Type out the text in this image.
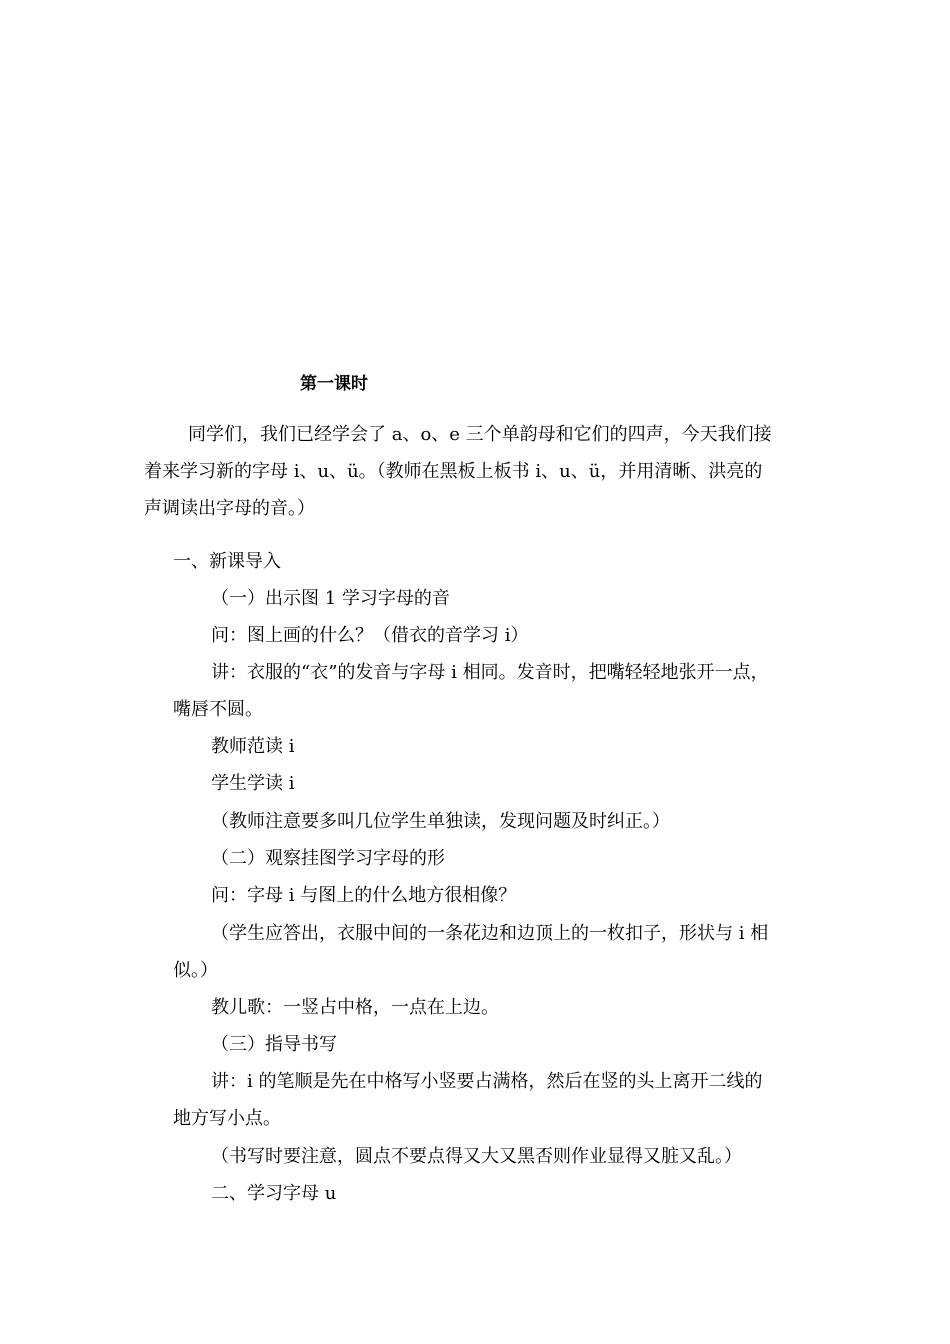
第一课时
同学们，我们已经学会了 a、o、e 三个单韵母和它们的四声，今天我们接
着来学习新的字母 i、u、ü。（教师在黑板上板书 i、u、ü，并用清晰、洪亮的
声调读出字母的音。）
一、新课导入
（一）出示图 1 学习字母的音
问：图上画的什么？（借衣的音学习 i）
讲：衣服的“衣”的发音与字母 i 相同。发音时，把嘴轻轻地张开一点，
嘴唇不圆。
教师范读 i
学生学读 i
（教师注意要多叫几位学生单独读，发现问题及时纠正。）
（二）观察挂图学习字母的形
问：字母 i 与图上的什么地方很相像？
（学生应答出，衣服中间的一条花边和边顶上的一枚扣子，形状与 i 相
似。）
教儿歌：一竖占中格，一点在上边。
（三）指导书写
讲：i 的笔顺是先在中格写小竖要占满格，然后在竖的头上离开二线的
地方写小点。
（书写时要注意，圆点不要点得又大又黑否则作业显得又脏又乱。）
二、学习字母 u
